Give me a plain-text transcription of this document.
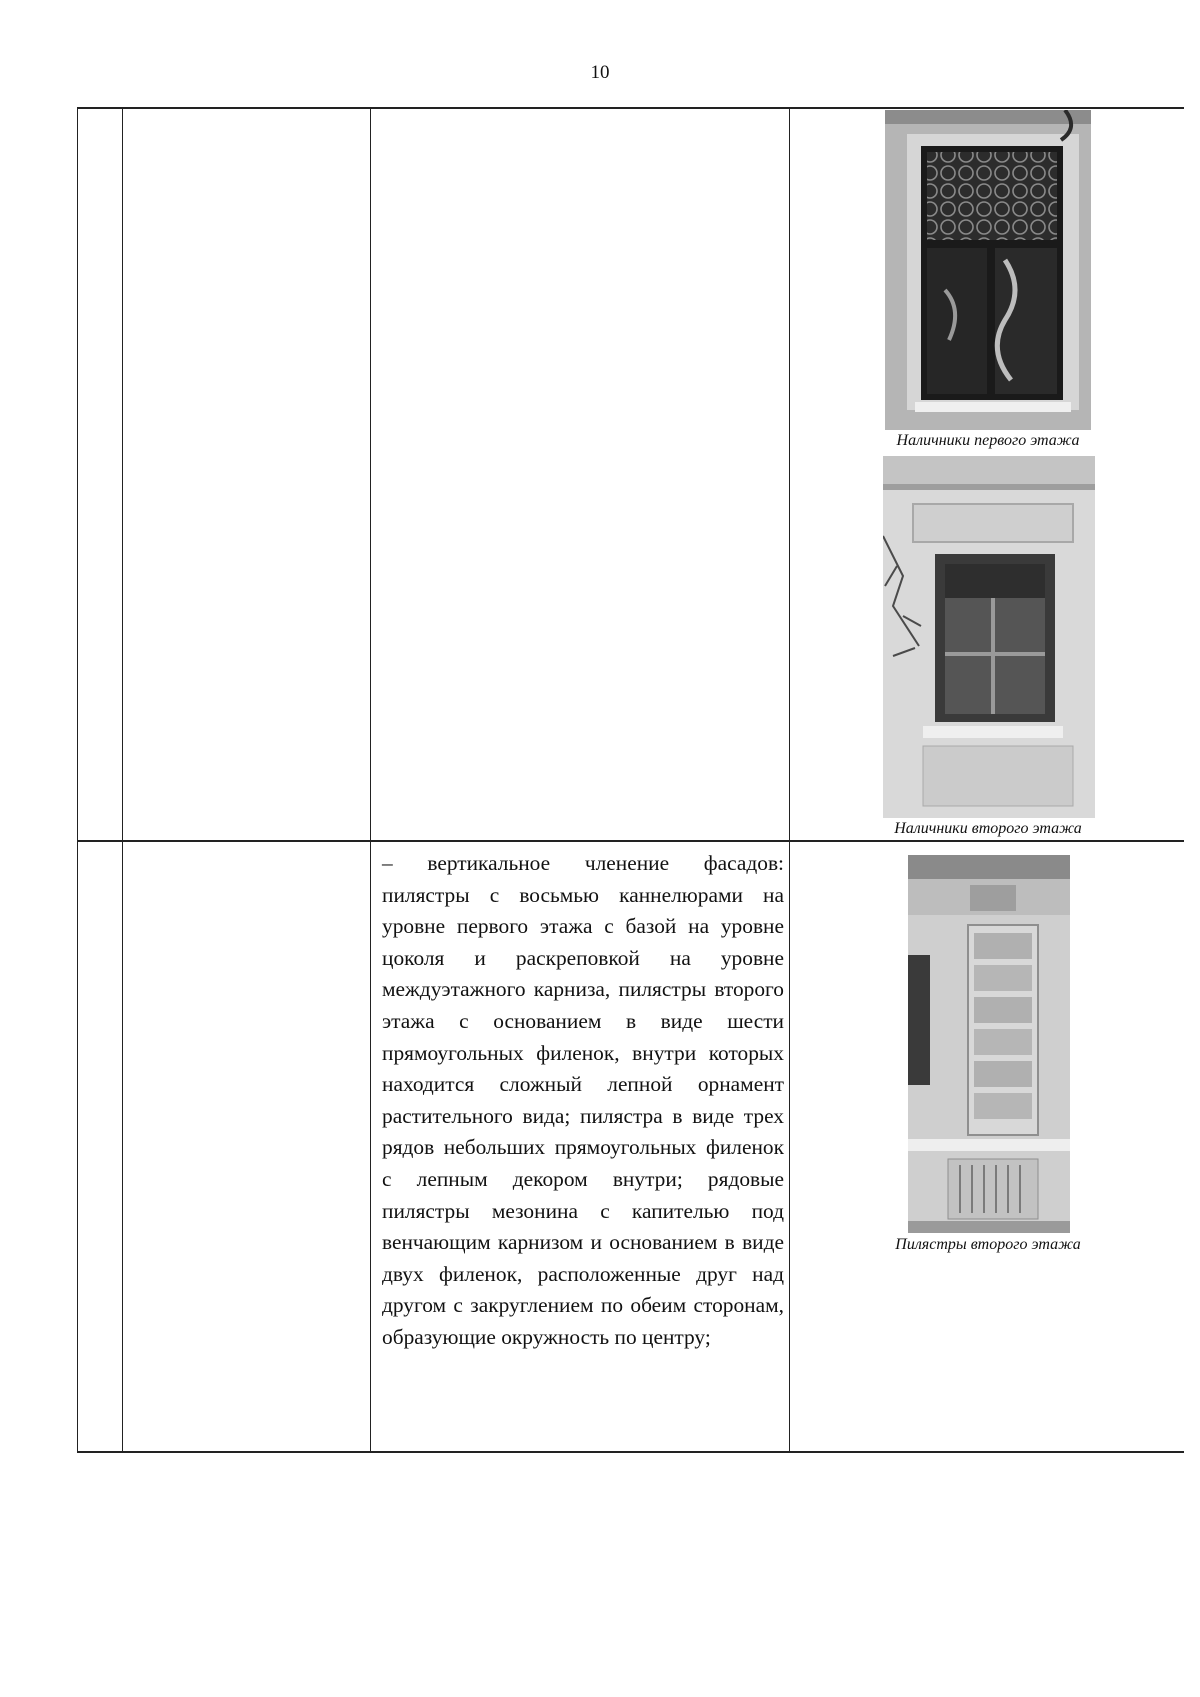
10
Наличники первого этажа
Наличники второго этажа
– вертикальное членение фасадов: пилястры с восьмью каннелюрами на уровне первого этажа с базой на уровне цоколя и раскреповкой на уровне междуэтажного карниза, пилястры второго этажа с основанием в виде шести прямоугольных филенок, внутри которых находится сложный лепной орнамент растительного вида; пилястра в виде трех рядов небольших прямоугольных филенок с лепным декором внутри; рядовые пилястры мезонина с капителью под венчающим карнизом и основанием в виде двух филенок, расположенные друг над другом с закруглением по обеим сторонам, образующие окружность по центру;
Пилястры второго этажа
